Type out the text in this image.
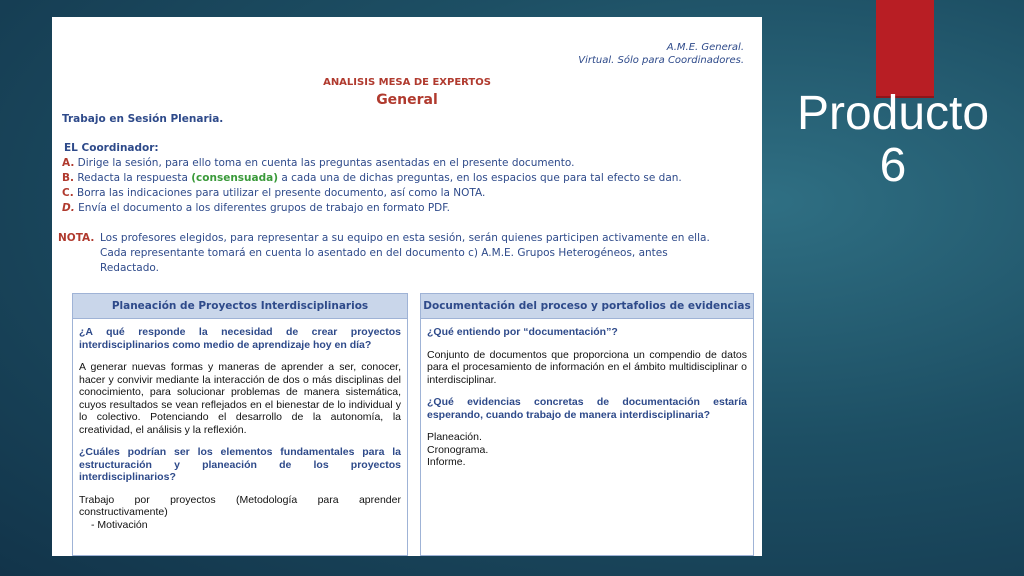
Producto 6
A.M.E. General.
Virtual. Sólo para Coordinadores.
ANALISIS MESA DE EXPERTOS
General
Trabajo en Sesión Plenaria.
EL Coordinador:
A. Dirige la sesión, para ello toma en cuenta las preguntas asentadas en el presente documento.
B. Redacta la respuesta (consensuada) a cada una de dichas preguntas, en los espacios que para tal efecto se dan.
C. Borra las indicaciones para utilizar el presente documento, así como la NOTA.
D. Envía el documento a los diferentes grupos de trabajo en formato PDF.
NOTA. Los profesores elegidos, para representar a su equipo en esta sesión, serán quienes participen activamente en ella.
Cada representante tomará en cuenta lo asentado en del documento c) A.M.E. Grupos Heterogéneos, antes
Redactado.
Planeación de Proyectos Interdisciplinarios
¿A qué responde la necesidad de crear proyectos interdisciplinarios como medio de aprendizaje hoy en día?

A generar nuevas formas y maneras de aprender a ser, conocer, hacer y convivir mediante la interacción de dos o más disciplinas del conocimiento, para solucionar problemas de manera sistemática, cuyos resultados se vean reflejados en el bienestar de lo individual y lo colectivo. Potenciando el desarrollo de la autonomía, la creatividad, el análisis y la reflexión.

¿Cuáles podrían ser los elementos fundamentales para la estructuración y planeación de los proyectos interdisciplinarios?

Trabajo por proyectos (Metodología para aprender constructivamente)

- Motivación
Documentación del proceso y portafolios de evidencias
¿Qué entiendo por “documentación”?

Conjunto de documentos que proporciona un compendio de datos para el procesamiento de información en el ámbito multidisciplinar o interdisciplinar.

¿Qué evidencias concretas de documentación estaría esperando, cuando trabajo de manera interdisciplinaria?
Planeación.
Cronograma.
Informe.
